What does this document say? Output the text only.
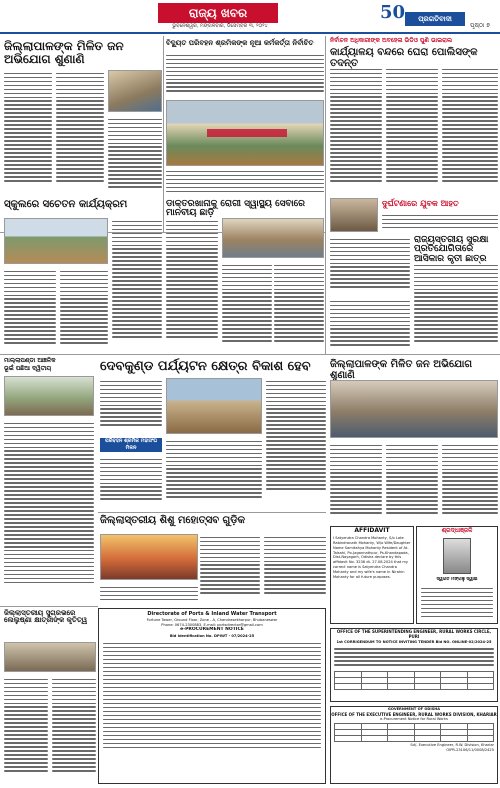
ରାଜ୍ୟ ଖବର
ଭୁବନେଶ୍ୱର, ମଙ୍ଗଳବାର, ଡିସେମ୍ବର ୩, ୨୦୨୪
50	ପ୍ରଗତିବାଦୀ
ପୃଷ୍ଠା ୭
ଜିଲ୍ଲାପାଳଙ୍କ ମିଳିତ ଜନ ଅଭିଯୋଗ ଶୁଣାଣି
ବିଦ୍ୟୁତ ପରିବହନ ଶ୍ରମିକଙ୍କ ନୂଆ କର୍ମକର୍ତ୍ତା ନିର୍ବାଚିତ	ନିର୍ବାଚନ ଅଧିକାରୀଙ୍କ ଅବହେଳା ଭିଡିଓ ପୁଣି ଭାଇରାଲ
କାର୍ଯ୍ୟାଳୟ ବନ୍ଦରେ ଘେରା ପୋଲିସଙ୍କ ତଦନ୍ତ
ସ୍କୁଲରେ ସଚେତନ କାର୍ଯ୍ୟକ୍ରମ	ଡାକ୍ତରଖାନାକୁ ରୋଗୀ ସ୍ୱାସ୍ଥ୍ୟ ସେବାରେ ମାନବୀୟ ଛାଡ଼ି
ଦୁର୍ଘଟଣାରେ ଯୁବକ ଆହତ
ରାଜ୍ୟସ୍ତରୀୟ ସୁରକ୍ଷା ପ୍ରତିଯୋଗିତାରେ ଆସିକାର କୃତୀ ଛାତ୍ର
ମାଲ୍ଲାପଣ୍ଡା ଆଞ୍ଚଳିକ
ଭୂଇଁ ପଛିଆ ଦ୍ୱିତୀୟ	ଦେବକୁଣ୍ଡ ପର୍ଯ୍ୟଟନ କ୍ଷେତ୍ର ବିକାଶ ହେବ
ପରିବହନ ଶ୍ରମିକ ମହାସଂଘ ମିଳନ
ଜିଲ୍ଲାପାଳଙ୍କ ମିଳିତ ଜନ ଅଭିଯୋଗ ଶୁଣାଣି
ଜିଲ୍ଲାସ୍ତରୀୟ ଶିଶୁ ମହୋତ୍ସବ ଗୁଡ଼ିକ
Directorate of Ports & Inland Water Transport
Fortune Tower, Ground Floor, Zone - A, Chandrasekharpur, Bhubaneswar
Phone: 0674-2300883, E-mail: portsdirector@gmail.com
e-PROCUREMENT NOTICE
Bid Identification No. DPIWT - 07/2024-25
ଜିଲ୍ଲାସ୍ତରୀୟ ସୁଗ୍ରଭରେ ଲେଲୁଷ୍ଣା କ୍ଷାତ୍ରୀଙ୍କ କୃତିତ୍ୱ
AFFIDAVIT
I Satyendra Chandra Mohanty, S/o Late Rabindranath Mohanty, W/o Wife/Daughter Name Samikshya Mohanty Resident of At-Talsahi, Po-Jagannathpur, Ps-Khandapada, Dist-Nayagarh, Odisha declare by this affidavit No. 3236 dt. 27.08.2024 that my correct name is Satyendra Chandra Mohanty and my wife's name in Nirahin Mohanty for all future purposes.
ଶ୍ରଦ୍ଧାଞ୍ଜଳି
ସ୍ୱର୍ଗତ ମଙ୍ଗଳୁ ସ୍ୱାଇଁ
OFFICE OF THE SUPERINTENDING ENGINEER, RURAL WORKS CIRCLE, PURI
1st CORRIGENDUM TO NOTICE INVITING TENDER Bid NO. ONLINE-02/2024-25

GOVERNMENT OF ODISHA
OFFICE OF THE EXECUTIVE ENGINEER, RURAL WORKS DIVISION, KHARIAR
e-Procurement Notice for Rural Works

Sd/- Executive Engineer, R.W. Division, Khariar
OIPR-23106/11/0008/2425
